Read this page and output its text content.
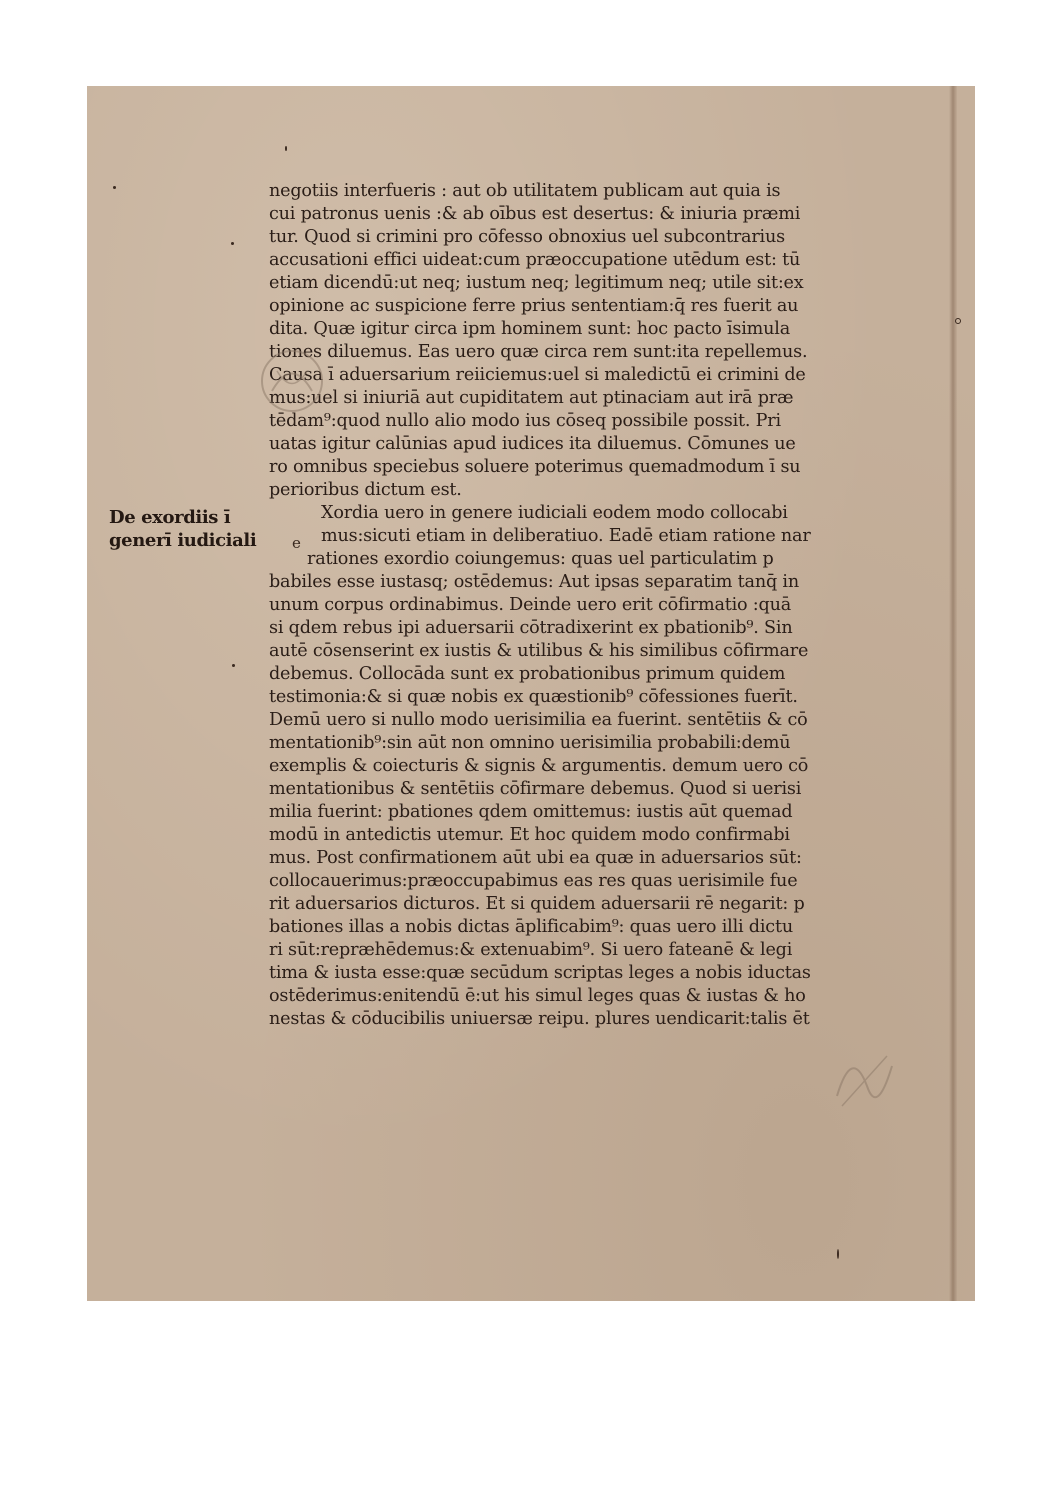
De exordiis ī
generī iudiciali e
negotiis interfueris : aut ob utilitatem publicam aut quia is
cui patronus uenis :& ab oībus est desertus: & iniuria præmi
tur. Quod si crimini pro cōfesso obnoxius uel subcontrarius
accusationi effici uideat:cum præoccupatione utēdum est: tū
etiam dicendū:ut neq; iustum neq; legitimum neq; utile sit:ex
opinione ac suspicione ferre prius sententiam:q̄ res fuerit au
dita. Quæ igitur circa ipm hominem sunt: hoc pacto īsimula
tiones diluemus. Eas uero quæ circa rem sunt:ita repellemus.
Causa ī aduersarium reiiciemus:uel si maledictū ei crimini de
mus:uel si iniuriā aut cupiditatem aut ptinaciam aut irā præ
tēdam⁹:quod nullo alio modo ius cōseq possibile possit. Pri
uatas igitur calūnias apud iudices ita diluemus. Cōmunes ue
ro omnibus speciebus soluere poterimus quemadmodum ī su
perioribus dictum est.
Xordia uero in genere iudiciali eodem modo collocabi
mus:sicuti etiam in deliberatiuo. Eadē etiam ratione nar
rationes exordio coiungemus: quas uel particulatim p
babiles esse iustasq; ostēdemus: Aut ipsas separatim tanq̄ in
unum corpus ordinabimus. Deinde uero erit cōfirmatio :quā
si qdem rebus ipi aduersarii cōtradixerint ex pbationib⁹. Sin
autē cōsenserint ex iustis & utilibus & his similibus cōfirmare
debemus. Collocāda sunt ex probationibus primum quidem
testimonia:& si quæ nobis ex quæstionib⁹ cōfessiones fuerīt.
Demū uero si nullo modo uerisimilia ea fuerint. sentētiis & cō
mentationib⁹:sin aūt non omnino uerisimilia probabili:demū
exemplis & coiecturis & signis & argumentis. demum uero cō
mentationibus & sentētiis cōfirmare debemus. Quod si uerisi
milia fuerint: pbationes qdem omittemus: iustis aūt quemad
modū in antedictis utemur. Et hoc quidem modo confirmabi
mus. Post confirmationem aūt ubi ea quæ in aduersarios sūt:
collocauerimus:præoccupabimus eas res quas uerisimile fue
rit aduersarios dicturos. Et si quidem aduersarii rē negarit: p
bationes illas a nobis dictas āplificabim⁹: quas uero illi dictu
ri sūt:repræhēdemus:& extenuabim⁹. Si uero fateanē & legi
tima & iusta esse:quæ secūdum scriptas leges a nobis iductas
ostēderimus:enitendū ē:ut his simul leges quas & iustas & ho
nestas & cōducibilis uniuersæ reipu. plures uendicarit:talis ēt
